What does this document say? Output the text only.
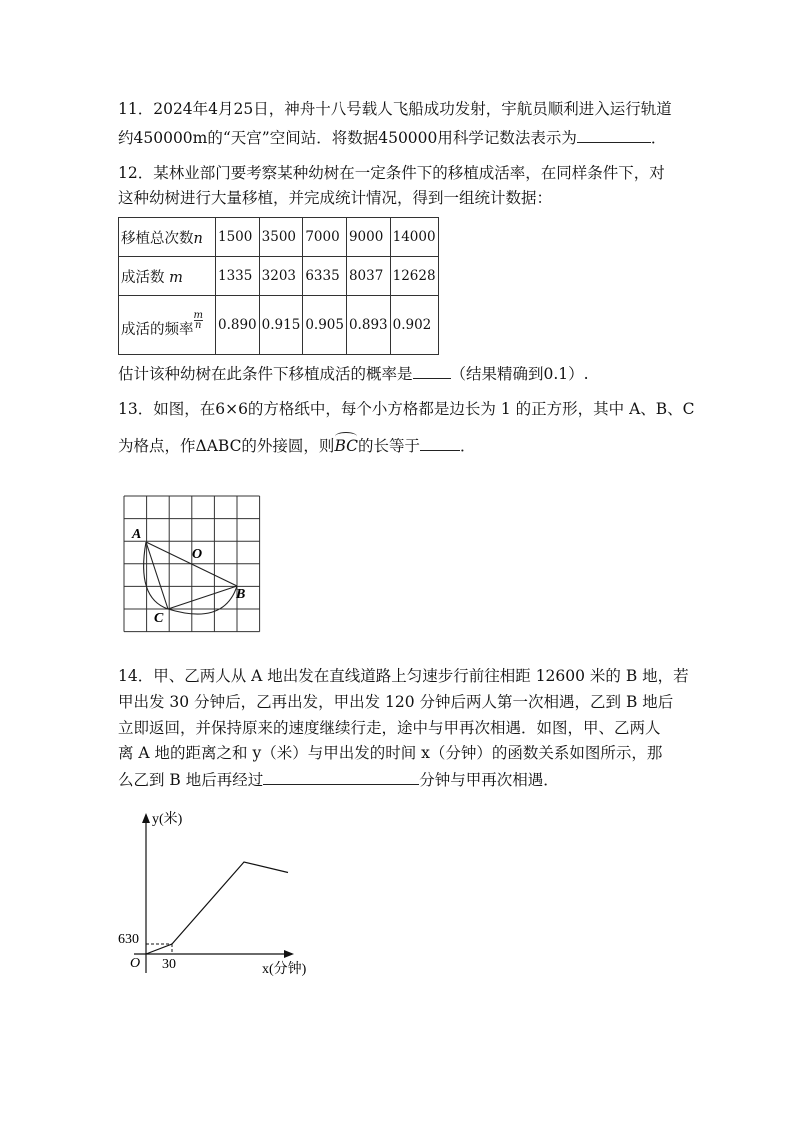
11．2024年4月25日，神舟十八号载人飞船成功发射，宇航员顺利进入运行轨道
约450000m的“天宫”空间站．将数据450000用科学记数法表示为	．
12．某林业部门要考察某种幼树在一定条件下的移植成活率，在同样条件下，对
这种幼树进行大量移植，并完成统计情况，得到一组统计数据：
移植总次数n	1500	3500	7000	9000	14000
成活数 m	1335	3203	6335	8037	12628
成活的频率 $\frac{m}{n}$	0.890	0.915	0.905	0.893	0.902
估计该种幼树在此条件下移植成活的概率是 （结果精确到0.1）.
13．如图，在6×6的方格纸中，每个小方格都是边长为 1 的正方形，其中 A、B、C
为格点，作ΔABC的外接圆，则
BC的长等于	．
A
B
C
O
14．甲、乙两人从 A 地出发在直线道路上匀速步行前往相距 12600 米的 B 地，若
甲出发 30 分钟后，乙再出发，甲出发 120 分钟后两人第一次相遇，乙到 B 地后
立即返回，并保持原来的速度继续行走，途中与甲再次相遇．如图，甲、乙两人
离 A 地的距离之和 y（米）与甲出发的时间 x（分钟）的函数关系如图所示，那
么乙到 B 地后再经过	分钟与甲再次相遇．
y(米)
x(分钟)
O 30
630
